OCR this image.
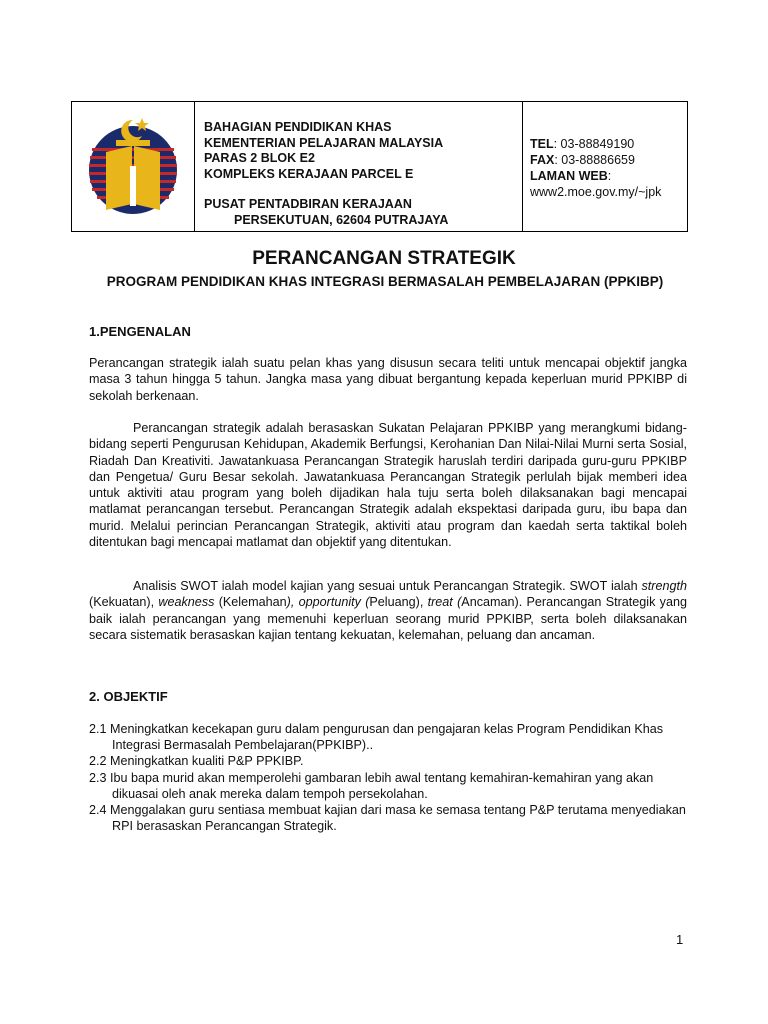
BAHAGIAN PENDIDIKAN KHAS
KEMENTERIAN PELAJARAN MALAYSIA
PARAS 2 BLOK E2
KOMPLEKS KERAJAAN PARCEL E
PUSAT PENTADBIRAN KERAJAAN
PERSEKUTUAN, 62604 PUTRAJAYA
TEL: 03-88849190
FAX: 03-88886659
LAMAN WEB:
www2.moe.gov.my/~jpk
PERANCANGAN STRATEGIK
PROGRAM PENDIDIKAN KHAS INTEGRASI BERMASALAH PEMBELAJARAN (PPKIBP)
1.PENGENALAN
Perancangan strategik ialah suatu pelan khas yang disusun secara teliti untuk mencapai objektif jangka masa 3 tahun hingga 5 tahun. Jangka masa yang dibuat bergantung kepada keperluan murid PPKIBP di sekolah berkenaan.
Perancangan strategik adalah berasaskan Sukatan Pelajaran PPKIBP yang merangkumi bidang-bidang seperti Pengurusan Kehidupan, Akademik Berfungsi, Kerohanian Dan Nilai-Nilai Murni serta Sosial, Riadah Dan Kreativiti. Jawatankuasa Perancangan Strategik haruslah terdiri daripada guru-guru PPKIBP dan Pengetua/ Guru Besar sekolah. Jawatankuasa Perancangan Strategik perlulah bijak memberi idea untuk aktiviti atau program yang boleh dijadikan hala tuju serta boleh dilaksanakan bagi mencapai matlamat perancangan tersebut. Perancangan Strategik adalah ekspektasi daripada guru, ibu bapa dan murid. Melalui perincian Perancangan Strategik, aktiviti atau program dan kaedah serta taktikal boleh ditentukan bagi mencapai matlamat dan objektif yang ditentukan.
Analisis SWOT ialah model kajian yang sesuai untuk Perancangan Strategik. SWOT ialah strength (Kekuatan), weakness (Kelemahan), opportunity (Peluang), treat (Ancaman). Perancangan Strategik yang baik ialah perancangan yang memenuhi keperluan seorang murid PPKIBP, serta boleh dilaksanakan secara sistematik berasaskan kajian tentang kekuatan, kelemahan, peluang dan ancaman.
2. OBJEKTIF
2.1 Meningkatkan kecekapan guru dalam pengurusan dan pengajaran kelas Program Pendidikan Khas Integrasi Bermasalah Pembelajaran(PPKIBP)..
2.2 Meningkatkan kualiti P&P PPKIBP.
2.3 Ibu bapa murid akan memperolehi gambaran lebih awal tentang kemahiran-kemahiran yang akan dikuasai oleh anak mereka dalam tempoh persekolahan.
2.4 Menggalakan guru sentiasa membuat kajian dari masa ke semasa tentang P&P terutama menyediakan RPI berasaskan Perancangan Strategik.
1
